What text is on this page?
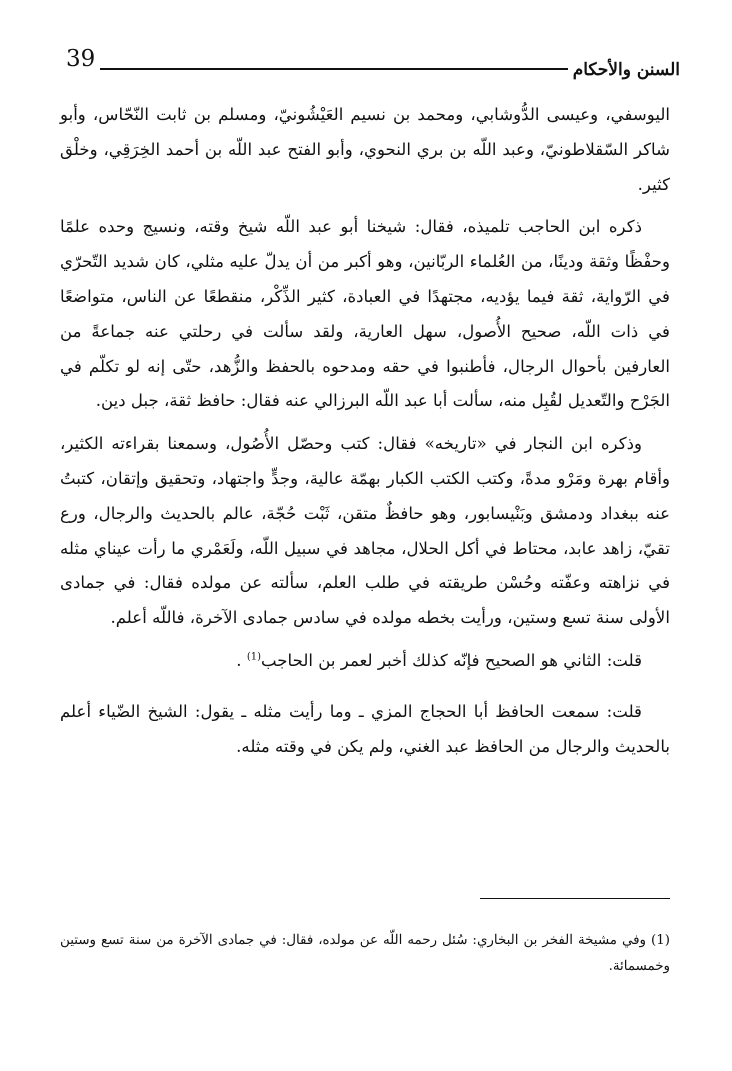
39	السنن والأحكام

اليوسفي، وعيسى الدُّوشابي، ومحمد بن نسيم العَيْشُونيّ، ومسلم بن ثابت النّحّاس، وأبو شاكر السّقلاطونيّ، وعبد اللّه بن بري النحوي، وأبو الفتح عبد اللّه بن أحمد الخِرَقِي، وخلْق كثير.

ذكره ابن الحاجب تلميذه، فقال: شيخنا أبو عبد اللّه شيخ وقته، ونسيج وحده علمًا وحفْظًا وثقة ودينًا، من العُلماء الربّانين، وهو أكبر من أن يدلّ عليه مثلي، كان شديد التّحرّي في الرّواية، ثقة فيما يؤديه، مجتهدًا في العبادة، كثير الذِّكْر، منقطعًا عن الناس، متواضعًا في ذات اللّه، صحيح الأُصول، سهل العارية، ولقد سألت في رحلتي عنه جماعةً من العارفين بأحوال الرجال، فأطنبوا في حقه ومدحوه بالحفظ والزُّهد، حتّى إنه لو تكلّم في الجَرْح والتّعديل لقُبِل منه، سألت أبا عبد اللّه البرزالي عنه فقال: حافظ ثقة، جبل دين.

وذكره ابن النجار في «تاريخه» فقال: كتب وحصّل الأُصُول، وسمعنا بقراءته الكثير، وأقام بهرة ومَرْو مدةً، وكتب الكتب الكبار بهمّة عالية، وجدٍّ واجتهاد، وتحقيق وإتقان، كتبتُ عنه ببغداد ودمشق وبَنْيسابور، وهو حافظٌ متقن، ثَبْت حُجّة، عالم بالحديث والرجال، ورع تقيّ، زاهد عابد، محتاط في أكل الحلال، مجاهد في سبيل اللّه، ولَعَمْري ما رأت عيناي مثله في نزاهته وعفّته وحُسْن طريقته في طلب العلم، سألته عن مولده فقال: في جمادى الأولى سنة تسع وستين، ورأيت بخطه مولده في سادس جمادى الآخرة، فاللّه أعلم.

قلت: الثاني هو الصحيح فإنّه كذلك أخبر لعمر بن الحاجب$^{(1)}$ .

قلت: سمعت الحافظ أبا الحجاج المزي ـ وما رأيت مثله ـ يقول: الشيخ الضّياء أعلم بالحديث والرجال من الحافظ عبد الغني، ولم يكن في وقته مثله.

(1) وفي مشيخة الفخر بن البخاري: سُئل رحمه اللّه عن مولده، فقال: في جمادى الآخرة من سنة تسع وستين وخمسمائة.
